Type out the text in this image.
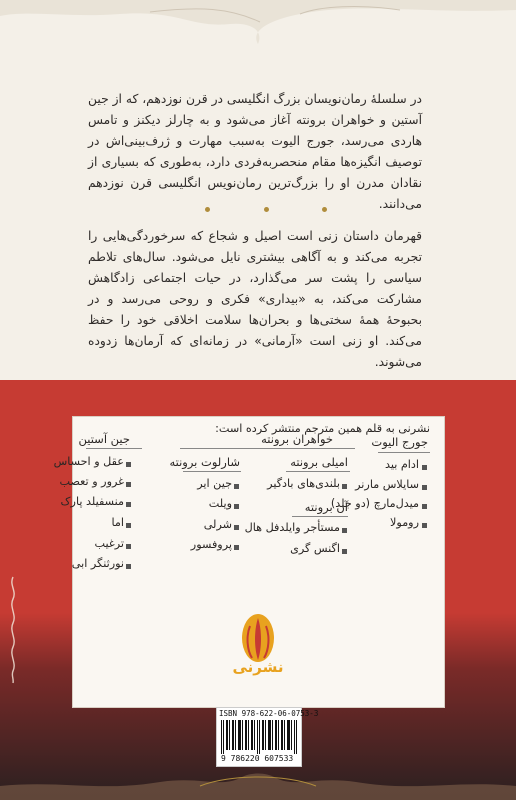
در سلسلهٔ رمان‌نویسان بزرگ انگلیسی در قرن نوزدهم، که از جین آستین و خواهران برونته آغاز می‌شود و به چارلز دیکنز و تامس هاردی می‌رسد، جورج الیوت به‌سبب مهارت و ژرف‌بینی‌اش در توصیف انگیزه‌ها مقام منحصربه‌فردی دارد، به‌طوری که بسیاری از نقادان مدرن او را بزرگ‌ترین رمان‌نویس انگلیسی قرن نوزدهم می‌دانند.

قهرمان داستان زنی است اصیل و شجاع که سرخوردگی‌هایی را تجربه می‌کند و به آگاهی بیشتری نایل می‌شود. سال‌های تلاطم سیاسی را پشت سر می‌گذارد، در حیات اجتماعی زادگاهش مشارکت می‌کند، به «بیداری» فکری و روحی می‌رسد و در بحبوحهٔ همهٔ سختی‌ها و بحران‌ها سلامت اخلاقی خود را حفظ می‌کند. او زنی است «آرمانی» در زمانه‌ای که آرمان‌ها زدوده می‌شوند.

نشرنی به قلم همین مترجم منتشر کرده است:
جورج الیوت
ادام بید
سایلاس مارنر
میدل‌مارچ (دو جلد)
رومولا
خواهران برونته
امیلی برونته
بلندی‌های بادگیر
آن برونته
مستأجر وایلدفل هال
اگنس گری
شارلوت برونته
جین ایر
ویلت
شرلی
پروفسور
جین آستین
عقل و احساس
غرور و تعصب
منسفیلد پارک
اما
ترغیب
نورثنگر ابی
نشرنی
ISBN 978-622-06-0753-3
9 786220 607533
